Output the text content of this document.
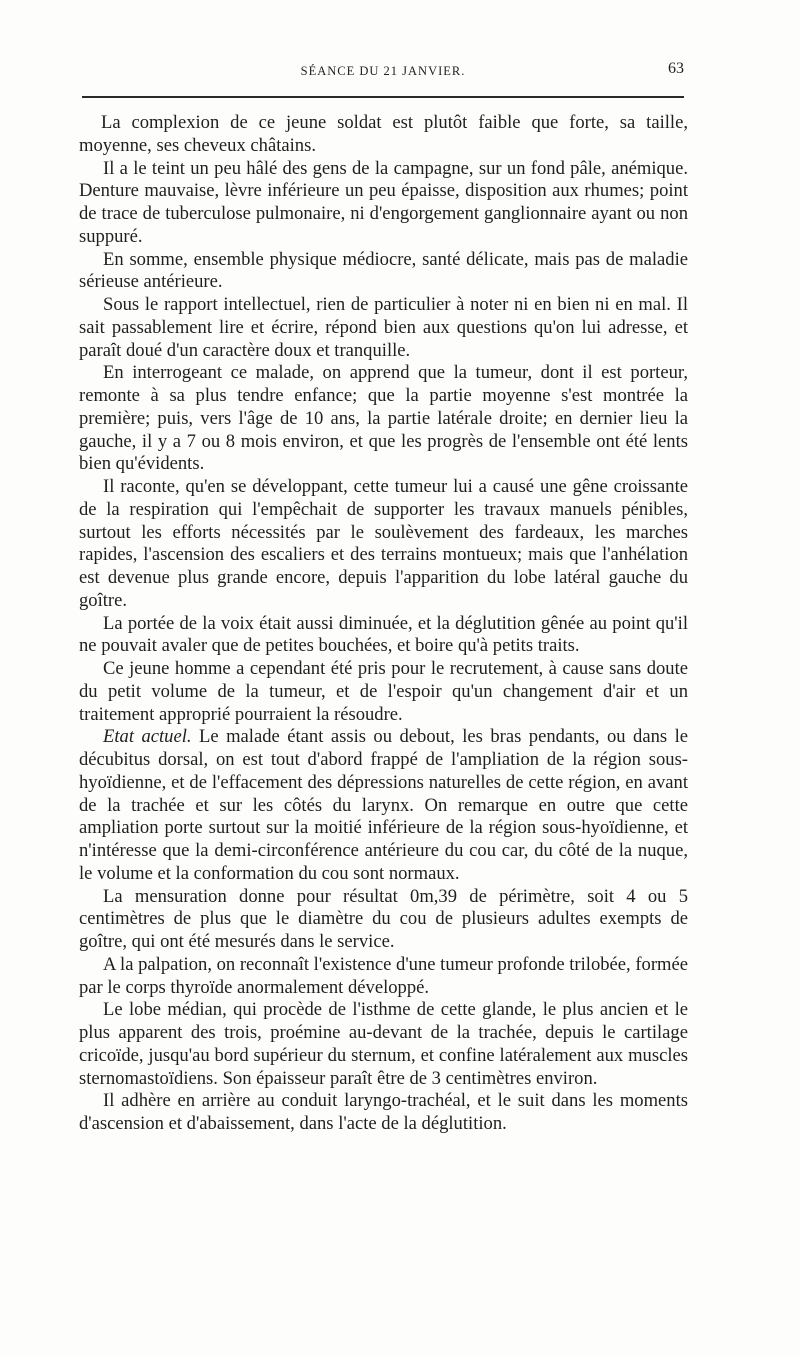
SÉANCE DU 21 JANVIER.	63

La complexion de ce jeune soldat est plutôt faible que forte, sa taille, moyenne, ses cheveux châtains.

Il a le teint un peu hâlé des gens de la campagne, sur un fond pâle, anémique. Denture mauvaise, lèvre inférieure un peu épaisse, disposition aux rhumes; point de trace de tuberculose pulmonaire, ni d'engorgement ganglionnaire ayant ou non suppuré.

En somme, ensemble physique médiocre, santé délicate, mais pas de maladie sérieuse antérieure.

Sous le rapport intellectuel, rien de particulier à noter ni en bien ni en mal. Il sait passablement lire et écrire, répond bien aux questions qu'on lui adresse, et paraît doué d'un caractère doux et tranquille.

En interrogeant ce malade, on apprend que la tumeur, dont il est porteur, remonte à sa plus tendre enfance; que la partie moyenne s'est montrée la première; puis, vers l'âge de 10 ans, la partie latérale droite; en dernier lieu la gauche, il y a 7 ou 8 mois environ, et que les progrès de l'ensemble ont été lents bien qu'évidents.

Il raconte, qu'en se développant, cette tumeur lui a causé une gêne croissante de la respiration qui l'empêchait de supporter les travaux manuels pénibles, surtout les efforts nécessités par le soulèvement des fardeaux, les marches rapides, l'ascension des escaliers et des terrains montueux; mais que l'anhélation est devenue plus grande encore, depuis l'apparition du lobe latéral gauche du goître.

La portée de la voix était aussi diminuée, et la déglutition gênée au point qu'il ne pouvait avaler que de petites bouchées, et boire qu'à petits traits.

Ce jeune homme a cependant été pris pour le recrutement, à cause sans doute du petit volume de la tumeur, et de l'espoir qu'un changement d'air et un traitement approprié pourraient la résoudre.

Etat actuel. Le malade étant assis ou debout, les bras pendants, ou dans le décubitus dorsal, on est tout d'abord frappé de l'ampliation de la région sous-hyoïdienne, et de l'effacement des dépressions naturelles de cette région, en avant de la trachée et sur les côtés du larynx. On remarque en outre que cette ampliation porte surtout sur la moitié inférieure de la région sous-hyoïdienne, et n'intéresse que la demi-circonférence antérieure du cou car, du côté de la nuque, le volume et la conformation du cou sont normaux.

La mensuration donne pour résultat 0m,39 de périmètre, soit 4 ou 5 centimètres de plus que le diamètre du cou de plusieurs adultes exempts de goître, qui ont été mesurés dans le service.

A la palpation, on reconnaît l'existence d'une tumeur profonde trilobée, formée par le corps thyroïde anormalement développé.

Le lobe médian, qui procède de l'isthme de cette glande, le plus ancien et le plus apparent des trois, proémine au-devant de la trachée, depuis le cartilage cricoïde, jusqu'au bord supérieur du sternum, et confine latéralement aux muscles sternomastoïdiens. Son épaisseur paraît être de 3 centimètres environ.

Il adhère en arrière au conduit laryngo-trachéal, et le suit dans les moments d'ascension et d'abaissement, dans l'acte de la déglutition.
